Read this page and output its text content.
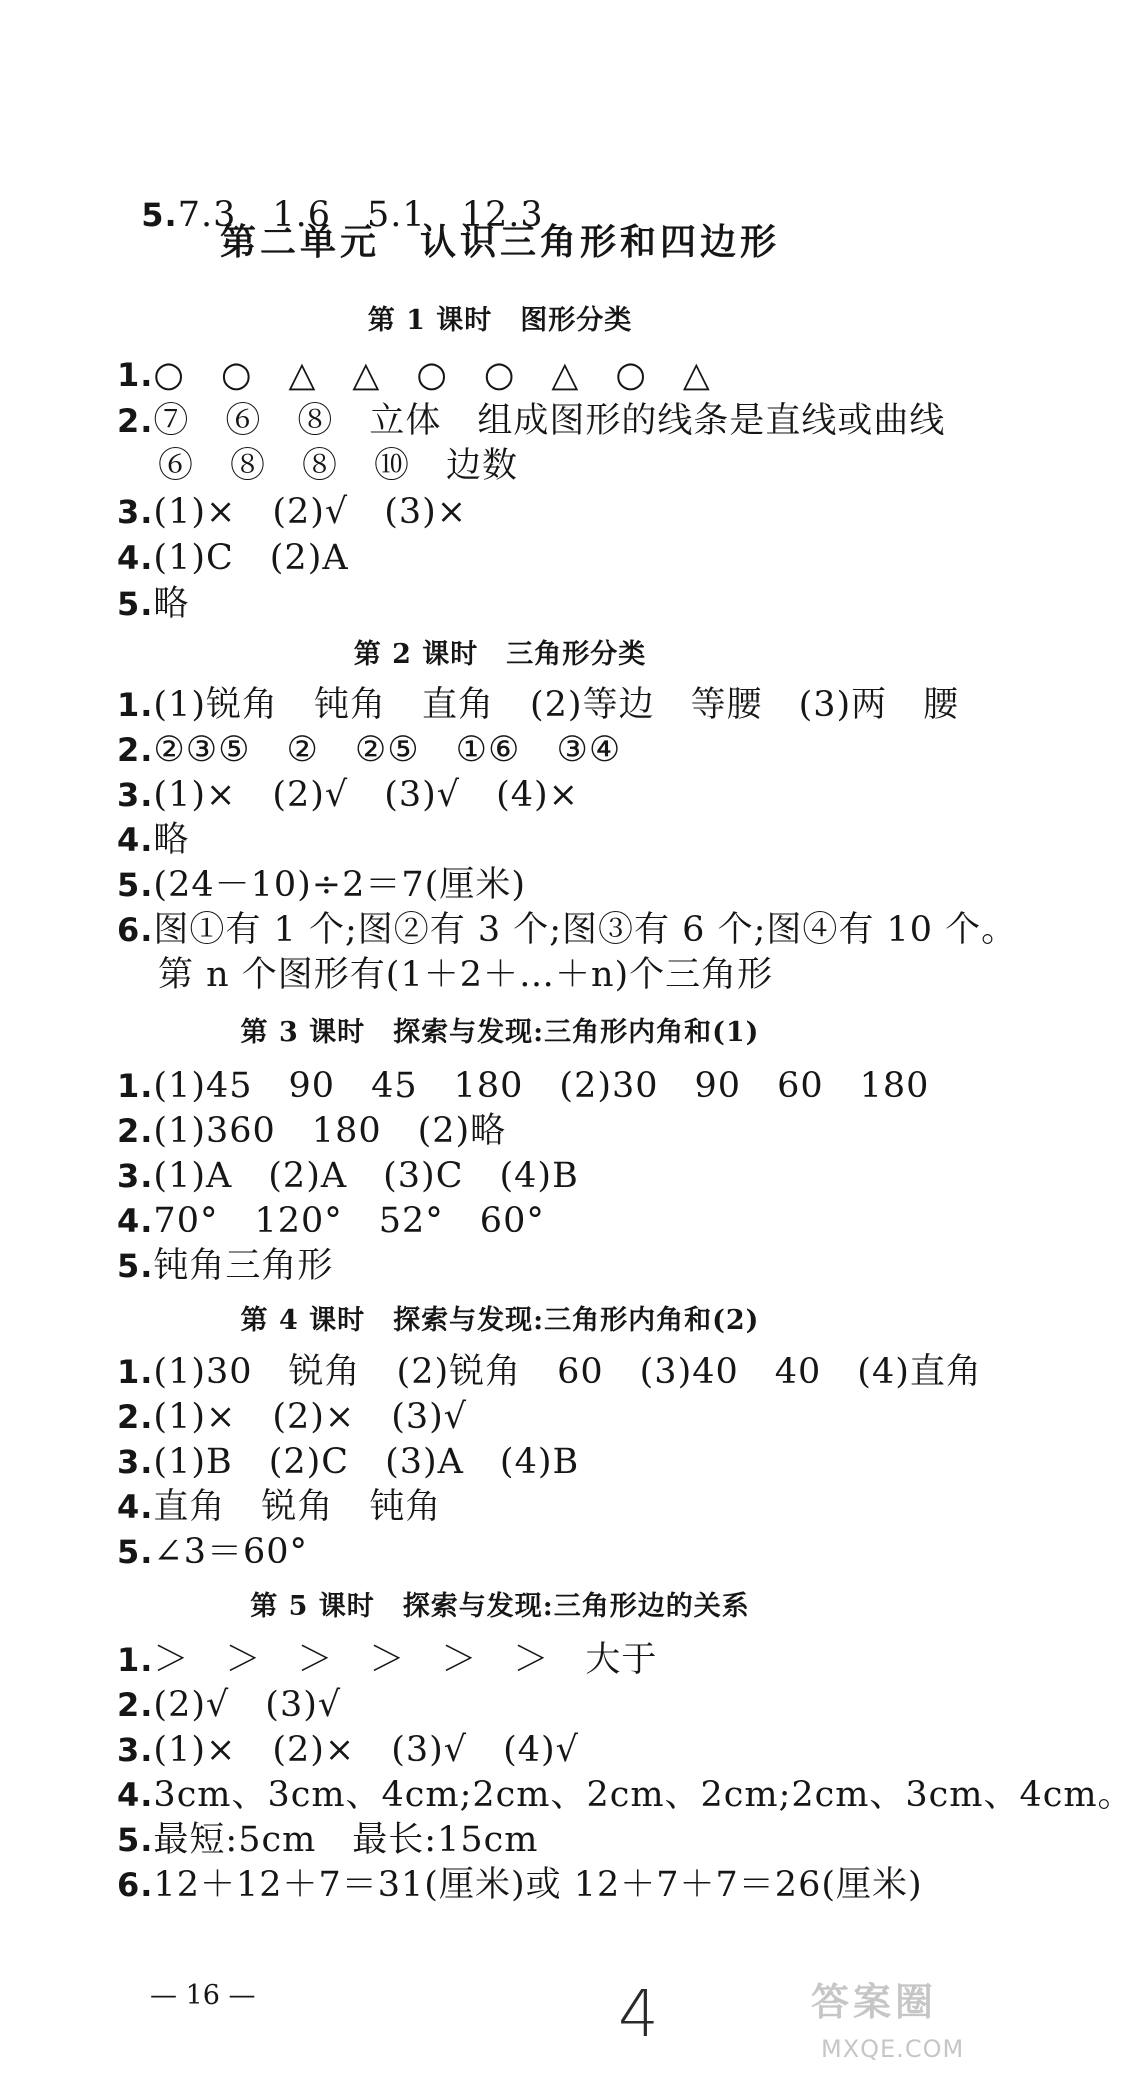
5.7.3　1.6　5.1　12.3

第二单元　认识三角形和四边形
第 1 课时　图形分类
1.○　○　△　△　○　○　△　○　△
2.⑦　⑥　⑧　立体　组成图形的线条是直线或曲线
⑥　⑧　⑧　⑩　边数
3.(1)×　(2)√　(3)×
4.(1)C　(2)A
5.略
第 2 课时　三角形分类
1.(1)锐角　钝角　直角　(2)等边　等腰　(3)两　腰
2.②③⑤　②　②⑤　①⑥　③④
3.(1)×　(2)√　(3)√　(4)×
4.略
5.(24－10)÷2＝7(厘米)
6.图①有 1 个;图②有 3 个;图③有 6 个;图④有 10 个。
第 n 个图形有(1＋2＋…＋n)个三角形
第 3 课时　探索与发现:三角形内角和(1)
1.(1)45　90　45　180　(2)30　90　60　180
2.(1)360　180　(2)略
3.(1)A　(2)A　(3)C　(4)B
4.70°　120°　52°　60°
5.钝角三角形
第 4 课时　探索与发现:三角形内角和(2)
1.(1)30　锐角　(2)锐角　60　(3)40　40　(4)直角
2.(1)×　(2)×　(3)√
3.(1)B　(2)C　(3)A　(4)B
4.直角　锐角　钝角
5.∠3＝60°
第 5 课时　探索与发现:三角形边的关系
1.＞　＞　＞　＞　＞　＞　大于
2.(2)√　(3)√
3.(1)×　(2)×　(3)√　(4)√
4.3cm、3cm、4cm;2cm、2cm、2cm;2cm、3cm、4cm。
5.最短:5cm　最长:15cm
6.12＋12＋7＝31(厘米)或 12＋7＋7＝26(厘米)
— 16 —	4	答案圈
MXQE.COM
